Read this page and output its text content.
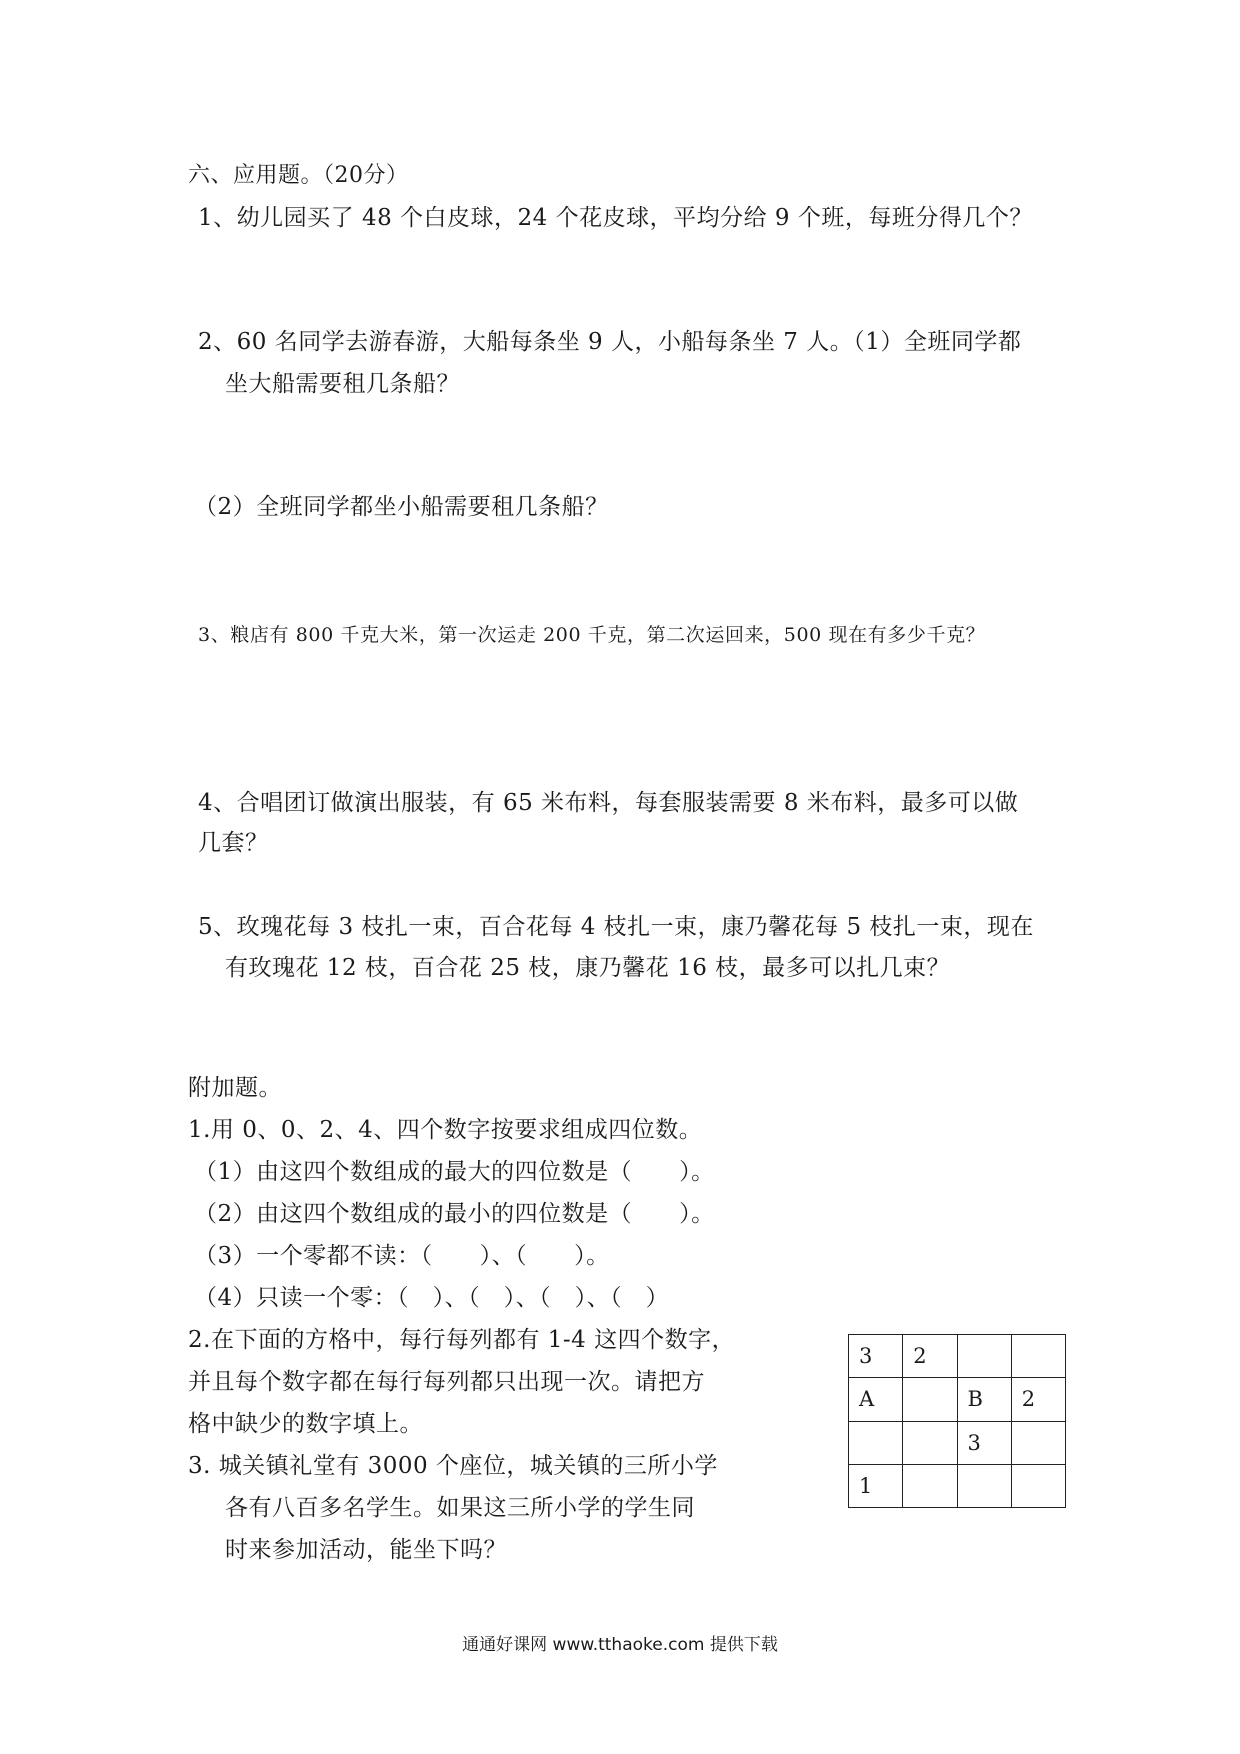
六、应用题。（20分）
1、幼儿园买了 48 个白皮球，24 个花皮球，平均分给 9 个班，每班分得几个？
2、60 名同学去游春游，大船每条坐 9 人，小船每条坐 7 人。（1）全班同学都
坐大船需要租几条船？
（2）全班同学都坐小船需要租几条船？
3、粮店有 800 千克大米，第一次运走 200 千克，第二次运回来，500 现在有多少千克？
4、合唱团订做演出服装，有 65 米布料，每套服装需要 8 米布料，最多可以做
几套？
5、玫瑰花每 3 枝扎一束，百合花每 4 枝扎一束，康乃馨花每 5 枝扎一束，现在
有玫瑰花 12 枝，百合花 25 枝，康乃馨花 16 枝，最多可以扎几束？
附加题。
1.用 0、0、2、4、四个数字按要求组成四位数。
（1）由这四个数组成的最大的四位数是（　　）。
（2）由这四个数组成的最小的四位数是（　　）。
（3）一个零都不读：（　　）、（　　）。
（4）只读一个零：（　）、（　）、（　）、（　）
2.在下面的方格中，每行每列都有 1-4 这四个数字，
并且每个数字都在每行每列都只出现一次。请把方
格中缺少的数字填上。
3. 城关镇礼堂有 3000 个座位，城关镇的三所小学
各有八百多名学生。如果这三所小学的学生同
时来参加活动，能坐下吗？
3	2		
A		B	2
		3	
1			
通通好课网 www.tthaoke.com 提供下载
